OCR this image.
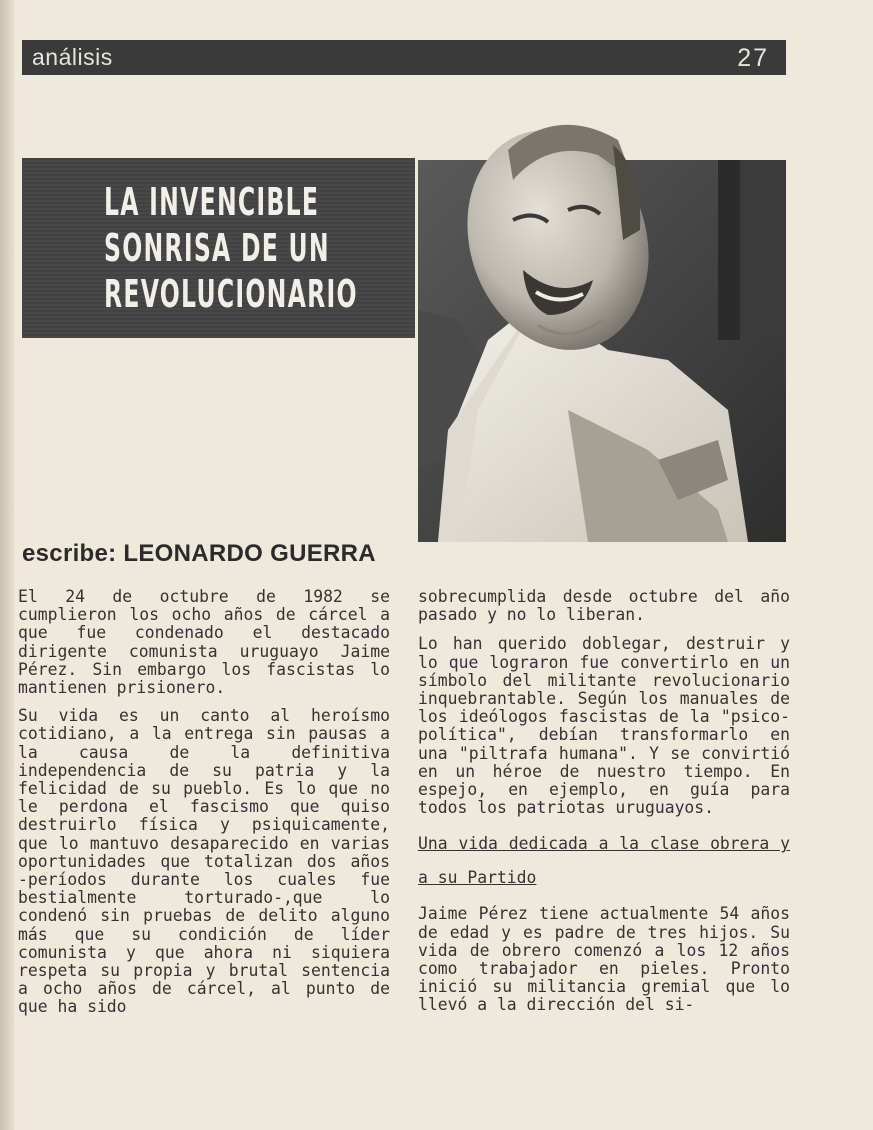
análisis	27
LA INVENCIBLE
SONRISA DE UN
REVOLUCIONARIO
escribe: LEONARDO GUERRA

El 24 de octubre de 1982 se cumplieron los ocho años de cárcel a que fue condenado el destacado dirigente comunista uruguayo Jaime Pérez. Sin embargo los fascistas lo mantienen prisionero.

Su vida es un canto al heroísmo cotidiano, a la entrega sin pausas a la causa de la definitiva independencia de su patria y la felicidad de su pueblo. Es lo que no le perdona el fascismo que quiso destruirlo física y psiquicamente, que lo mantuvo desaparecido en varias oportunidades que totalizan dos años -períodos durante los cuales fue bestialmente torturado-,que lo condenó sin pruebas de delito alguno más que su condición de líder comunista y que ahora ni siquiera respeta su propia y brutal sentencia a ocho años de cárcel, al punto de que ha sido

sobrecumplida desde octubre del año pasado y no lo liberan.

Lo han querido doblegar, destruir y lo que lograron fue convertirlo en un símbolo del militante revolucionario inquebrantable. Según los manuales de los ideólogos fascistas de la "psico-política", debían transformarlo en una "piltrafa humana". Y se convirtió en un héroe de nuestro tiempo. En espejo, en ejemplo, en guía para todos los patriotas uruguayos.

Una vida dedicada a la clase obrera y a su Partido

Jaime Pérez tiene actualmente 54 años de edad y es padre de tres hijos. Su vida de obrero comenzó a los 12 años como trabajador en pieles. Pronto inició su militancia gremial que lo llevó a la dirección del si-
